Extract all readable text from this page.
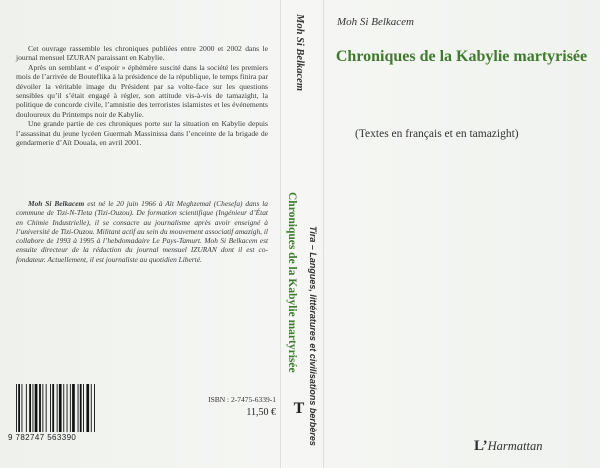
Cet ouvrage rassemble les chroniques publiées entre 2000 et 2002 dans le journal mensuel IZURAN paraissant en Kabylie.

Après un semblant « d’espoir » éphémère suscité dans la société les premiers mois de l’arrivée de Bouteflika à la présidence de la république, le temps finira par dévoiler la véritable image du Président par sa volte-face sur les questions sensibles qu’il s’était engagé à régler, son attitude vis-à-vis de tamazight, la politique de concorde civile, l’amnistie des terroristes islamistes et les événements douloureux du Printemps noir de Kabylie.

Une grande partie de ces chroniques porte sur la situation en Kabylie depuis l’assassinat du jeune lycéen Guermah Massinissa dans l’enceinte de la brigade de gendarmerie d’Aït Douala, en avril 2001.

Moh Si Belkacem est né le 20 juin 1966 à Aït Meghzemal (Chesefa) dans la commune de Tizi-N-Tleta (Tizi-Ouzou). De formation scientifique (Ingénieur d’État en Chimie Industrielle), il se consacre au journalisme après avoir enseigné à l’université de Tizi-Ouzou. Militant actif au sein du mouvement associatif amazigh, il collabore de 1993 à 1995 à l’hebdomadaire Le Pays-Tamurt. Moh Si Belkacem est ensuite directeur de la rédaction du journal mensuel IZURAN dont il est co-fondateur. Actuellement, il est journaliste au quotidien Liberté.
9 782747 563390
ISBN : 2-7475-6339-1
11,50 €
Moh Si Belkacem
Chroniques de la Kabylie martyrisée Tira – Langues, littératures et civilisations berbères
T
Moh Si Belkacem
Chroniques de la Kabylie martyrisée
(Textes en français et en tamazight)
L’Harmattan
